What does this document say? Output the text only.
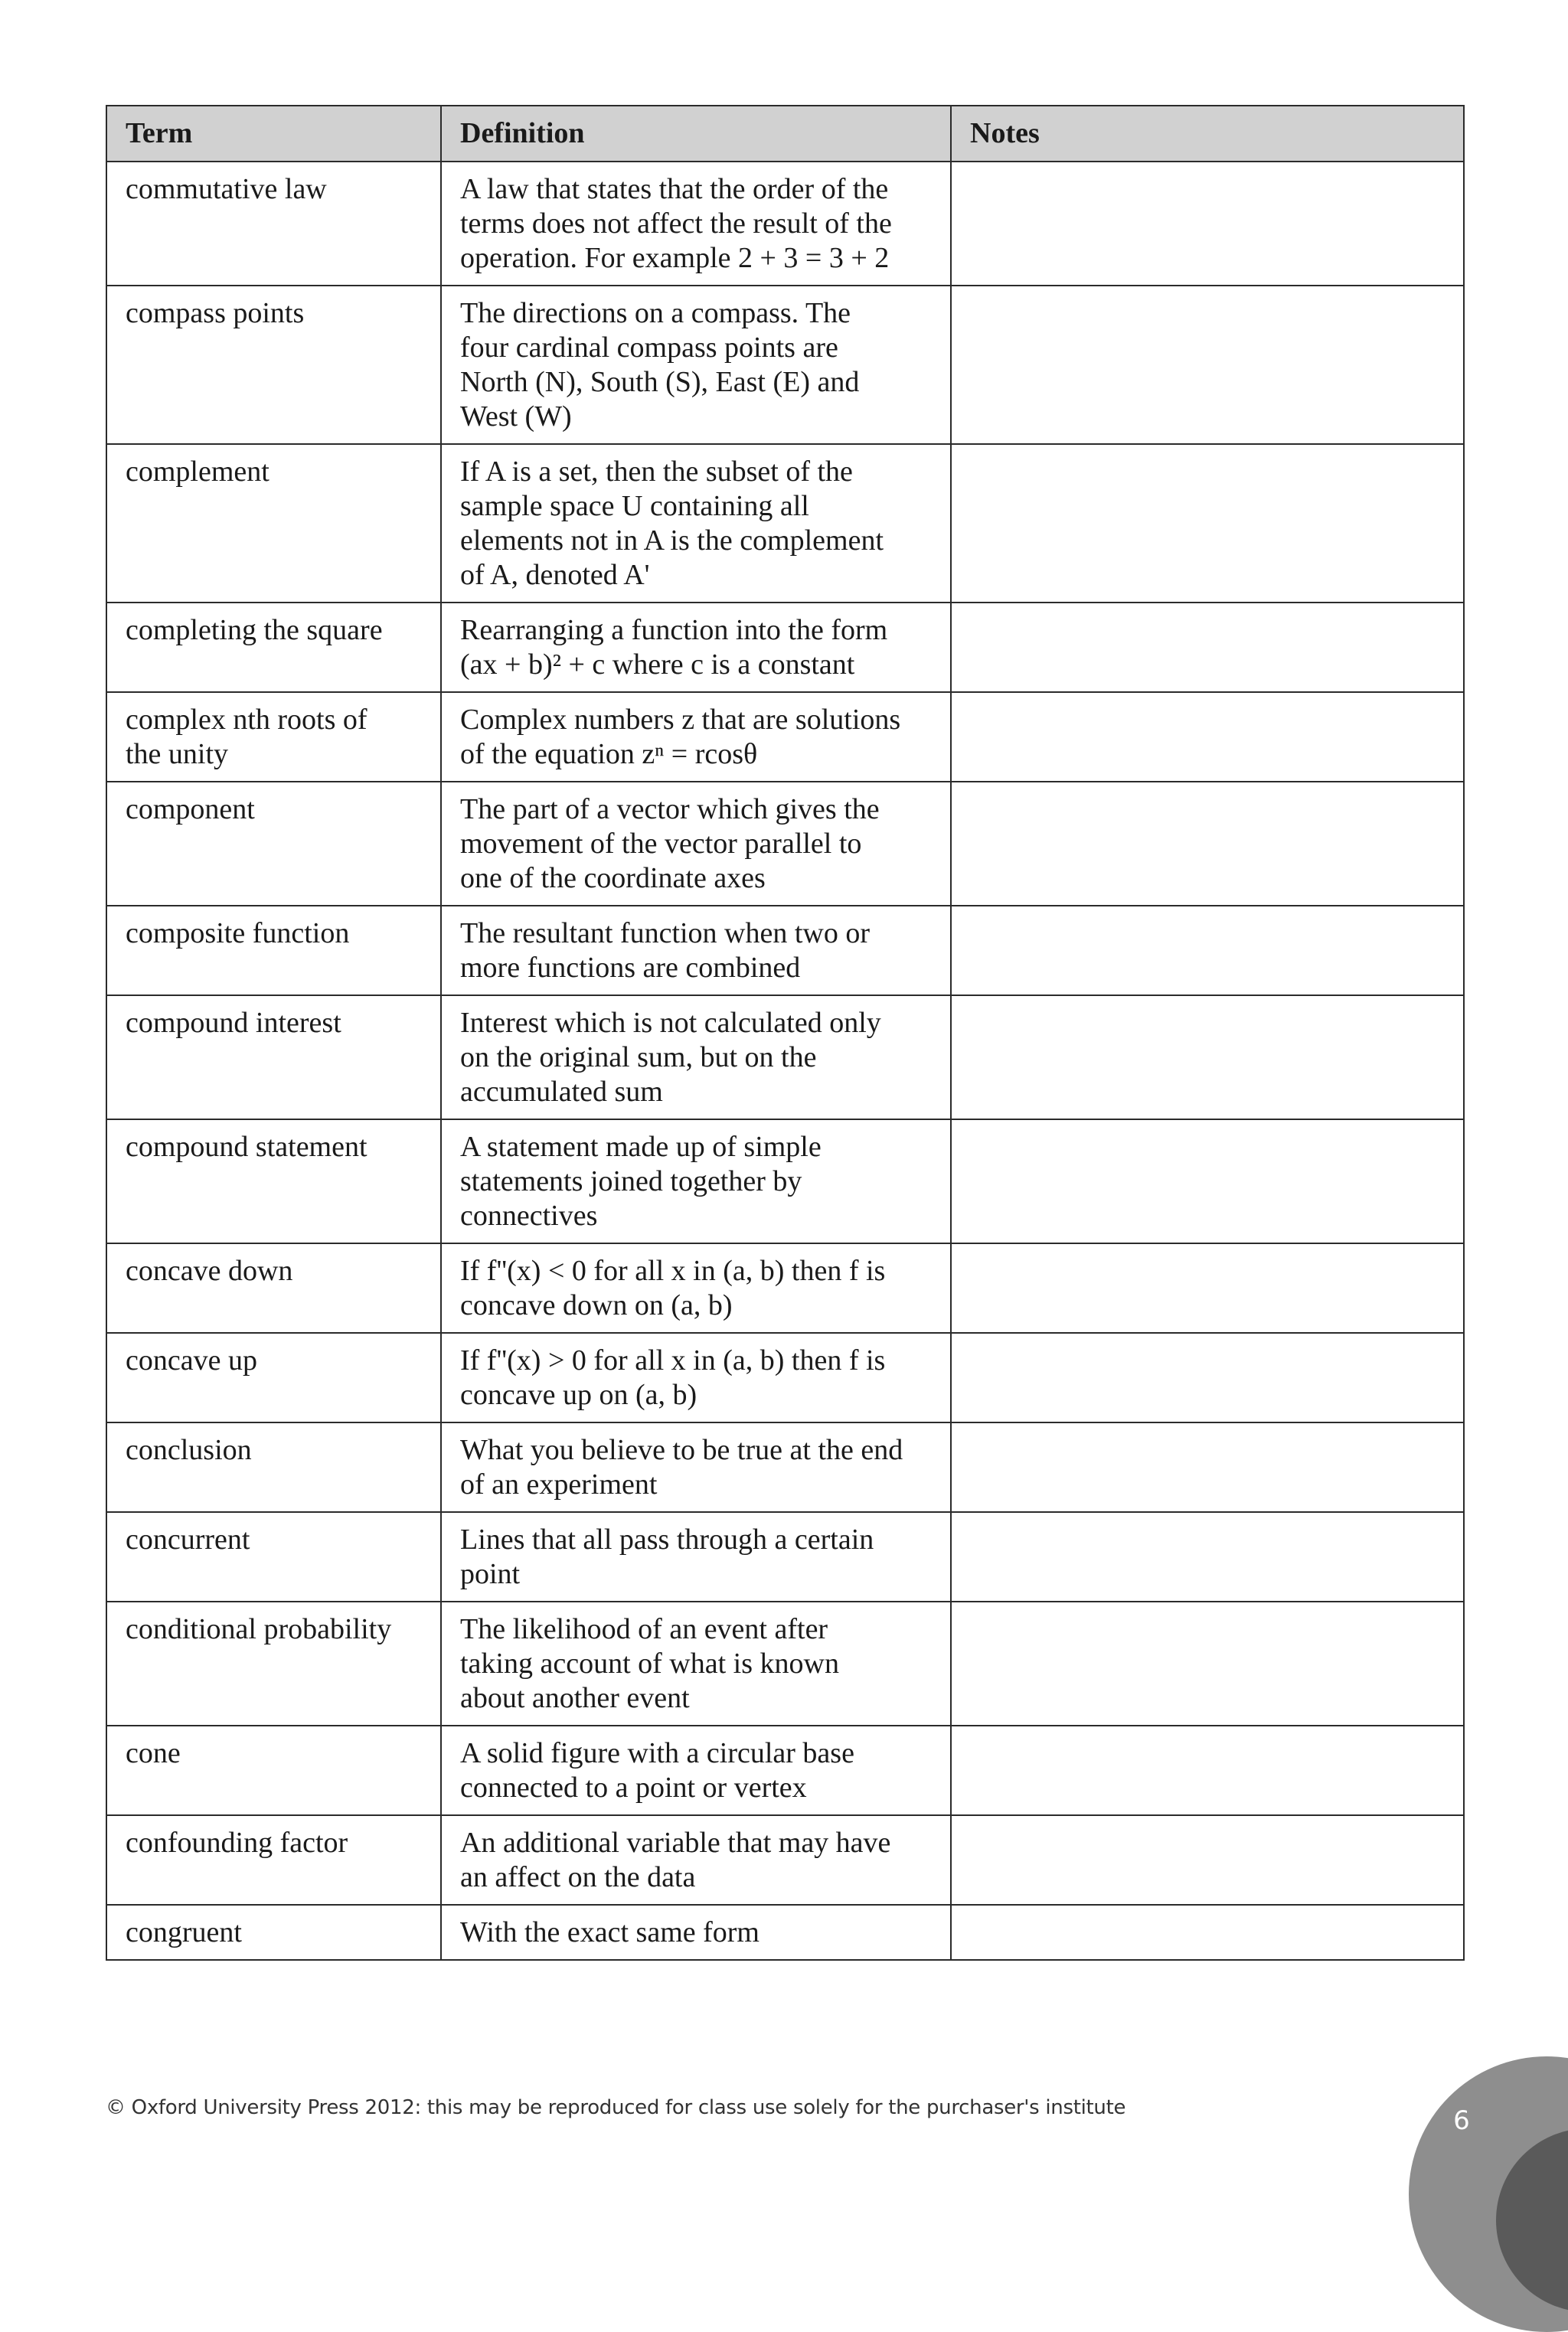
Term	Definition	Notes
commutative law	A law that states that the order of the
terms does not affect the result of the
operation. For example 2 + 3 = 3 + 2	
compass points	The directions on a compass. The
four cardinal compass points are
North (N), South (S), East (E) and
West (W)	
complement	If A is a set, then the subset of the
sample space U containing all
elements not in A is the complement
of A, denoted A'	
completing the square	Rearranging a function into the form
(ax + b)² + c where c is a constant	
complex nth roots of
the unity	Complex numbers z that are solutions
of the equation zⁿ = rcosθ	
component	The part of a vector which gives the
movement of the vector parallel to
one of the coordinate axes	
composite function	The resultant function when two or
more functions are combined	
compound interest	Interest which is not calculated only
on the original sum, but on the
accumulated sum	
compound statement	A statement made up of simple
statements joined together by
connectives	
concave down	If f''(x) < 0 for all x in (a, b) then f is
concave down on (a, b)	
concave up	If f''(x) > 0 for all x in (a, b) then f is
concave up on (a, b)	
conclusion	What you believe to be true at the end
of an experiment	
concurrent	Lines that all pass through a certain
point	
conditional probability	The likelihood of an event after
taking account of what is known
about another event	
cone	A solid figure with a circular base
connected to a point or vertex	
confounding factor	An additional variable that may have
an affect on the data	
congruent	With the exact same form	
© Oxford University Press 2012: this may be reproduced for class use solely for the purchaser's institute	6
